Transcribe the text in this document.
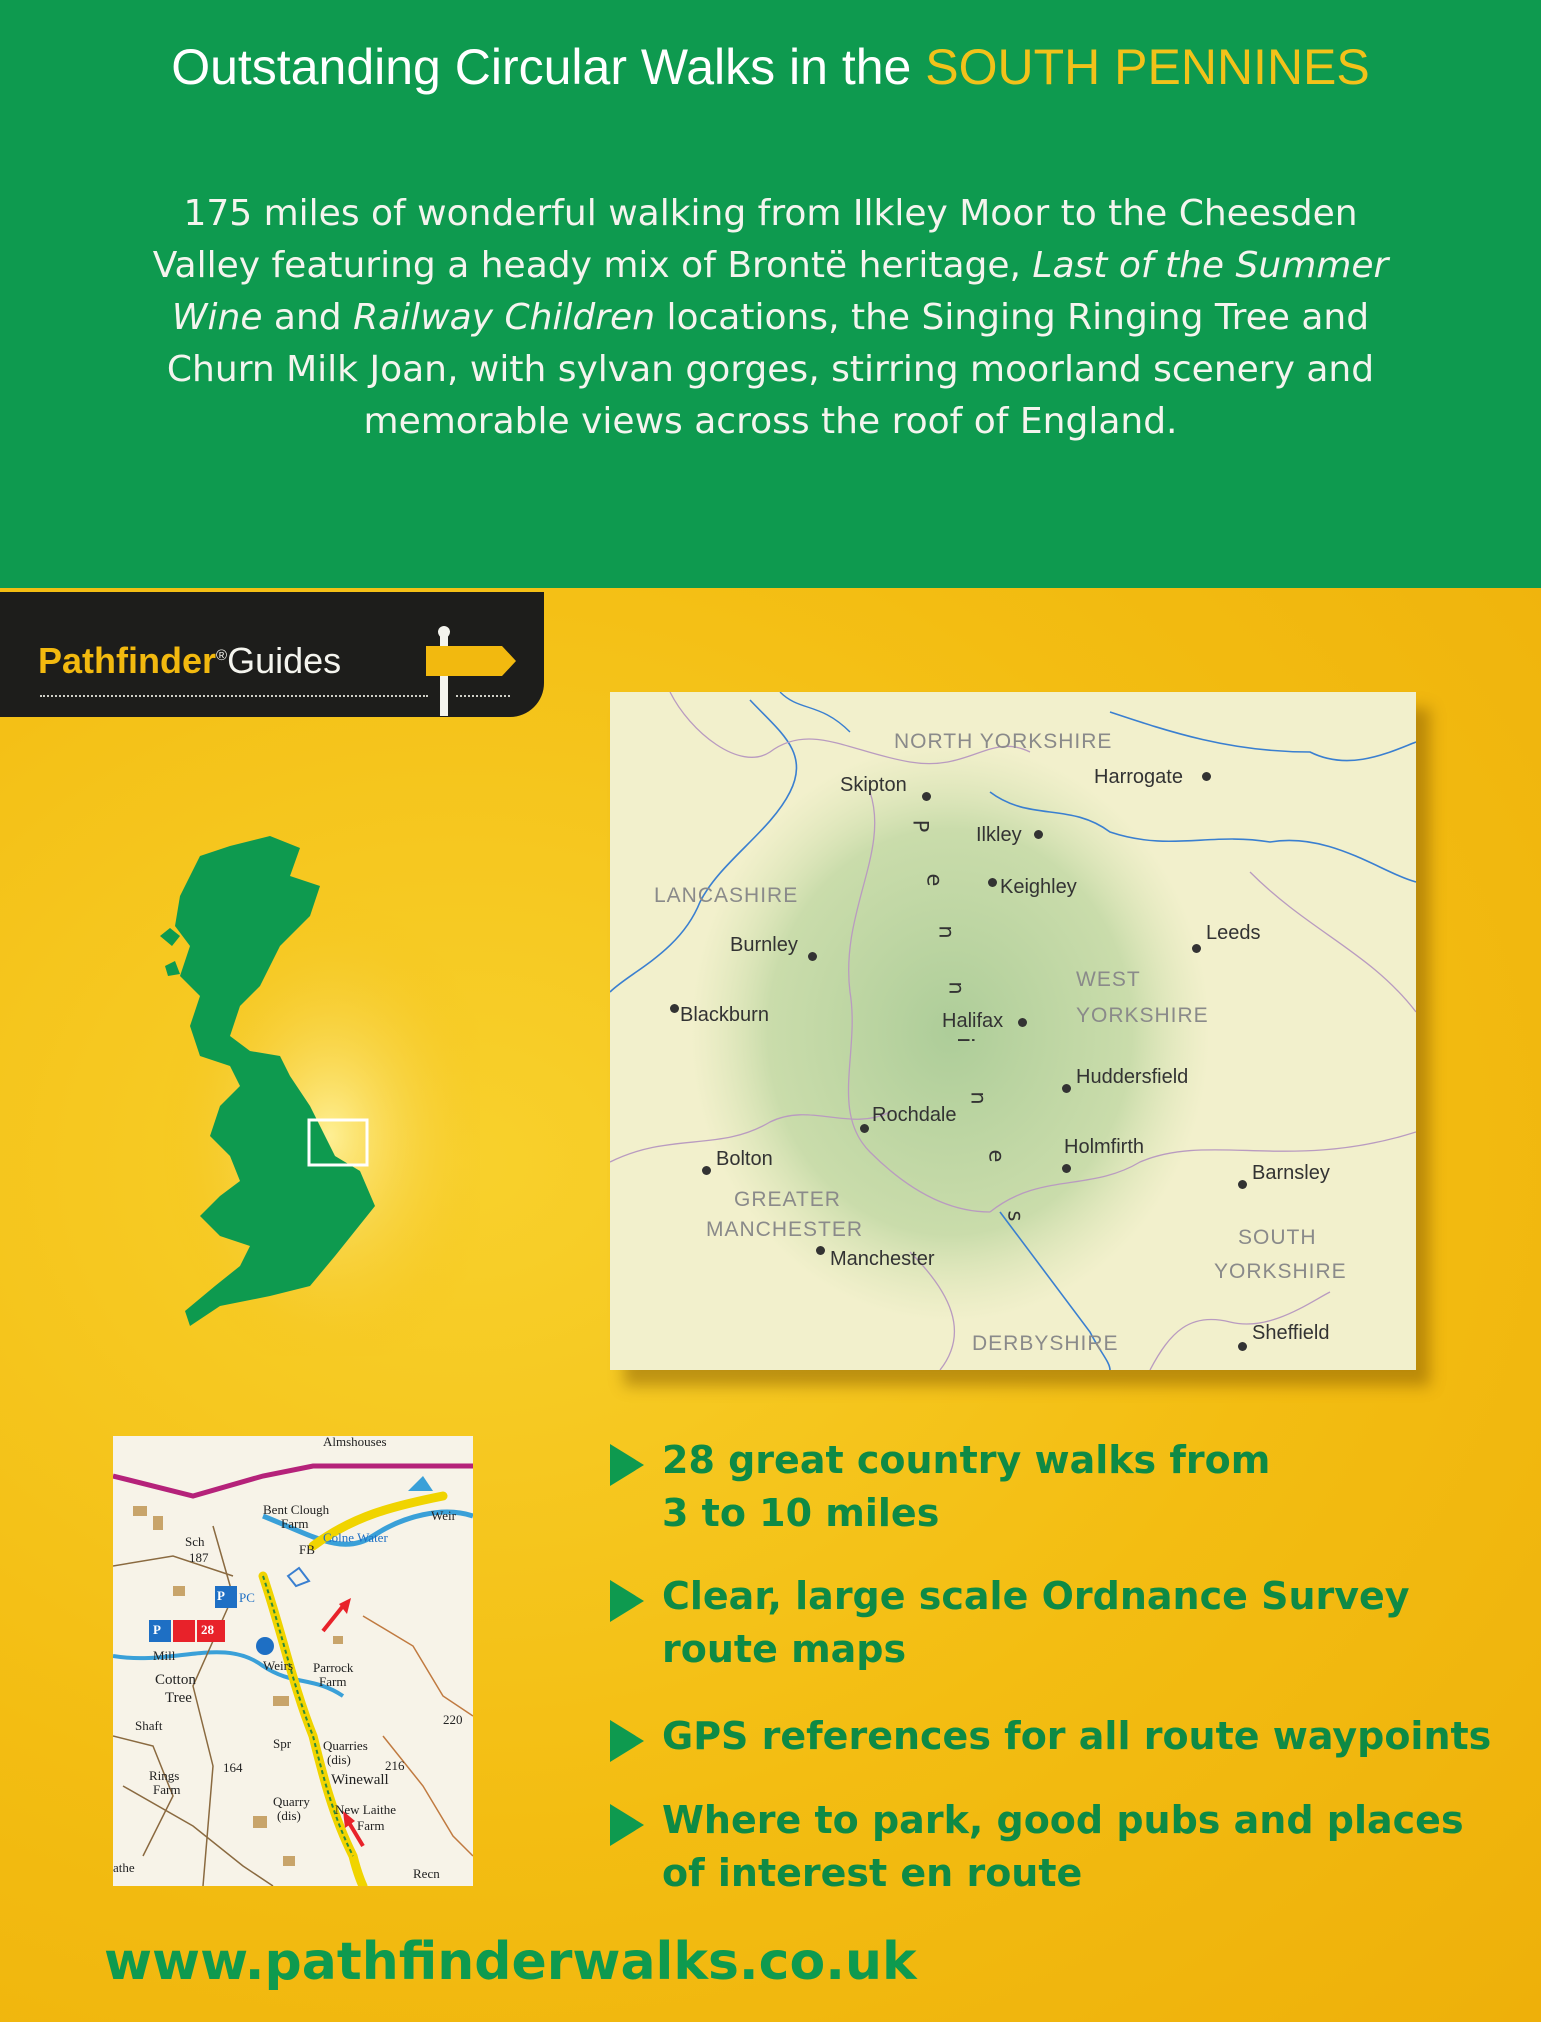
Outstanding Circular Walks in the SOUTH PENNINES
175 miles of wonderful walking from Ilkley Moor to the Cheesden Valley featuring a heady mix of Brontë heritage, Last of the Summer Wine and Railway Children locations, the Singing Ringing Tree and Churn Milk Joan, with sylvan gorges, stirring moorland scenery and memorable views across the roof of England.
Pathfinder®Guides
NORTH YORKSHIRE
LANCASHIRE
WEST
YORKSHIRE
GREATER
MANCHESTER	SOUTH
YORKSHIRE
DERBYSHIRE
Skipton	Harrogate
Ilkley
Keighley
Leeds
Burnley
Blackburn	Halifax
Huddersfield
Rochdale
Holmfirth
Bolton
Barnsley
Manchester
Sheffield
P
e
n
n
i
n
e
s
Almshouses
Bent Clough
Farm
Weir
Colne Water
Sch
187
FB
P PC
P	28
Mill
Weirs Parrock
Farm
Cotton
Tree
Shaft	220
Spr Quarries
(dis)	216
164
Rings
Farm
Winewall
Quarry
(dis)	New Laithe
Farm
athe	Recn
28 great country walks from
3 to 10 miles
Clear, large scale Ordnance Survey
route maps
GPS references for all route waypoints
Where to park, good pubs and places
of interest en route
www.pathfinderwalks.co.uk
